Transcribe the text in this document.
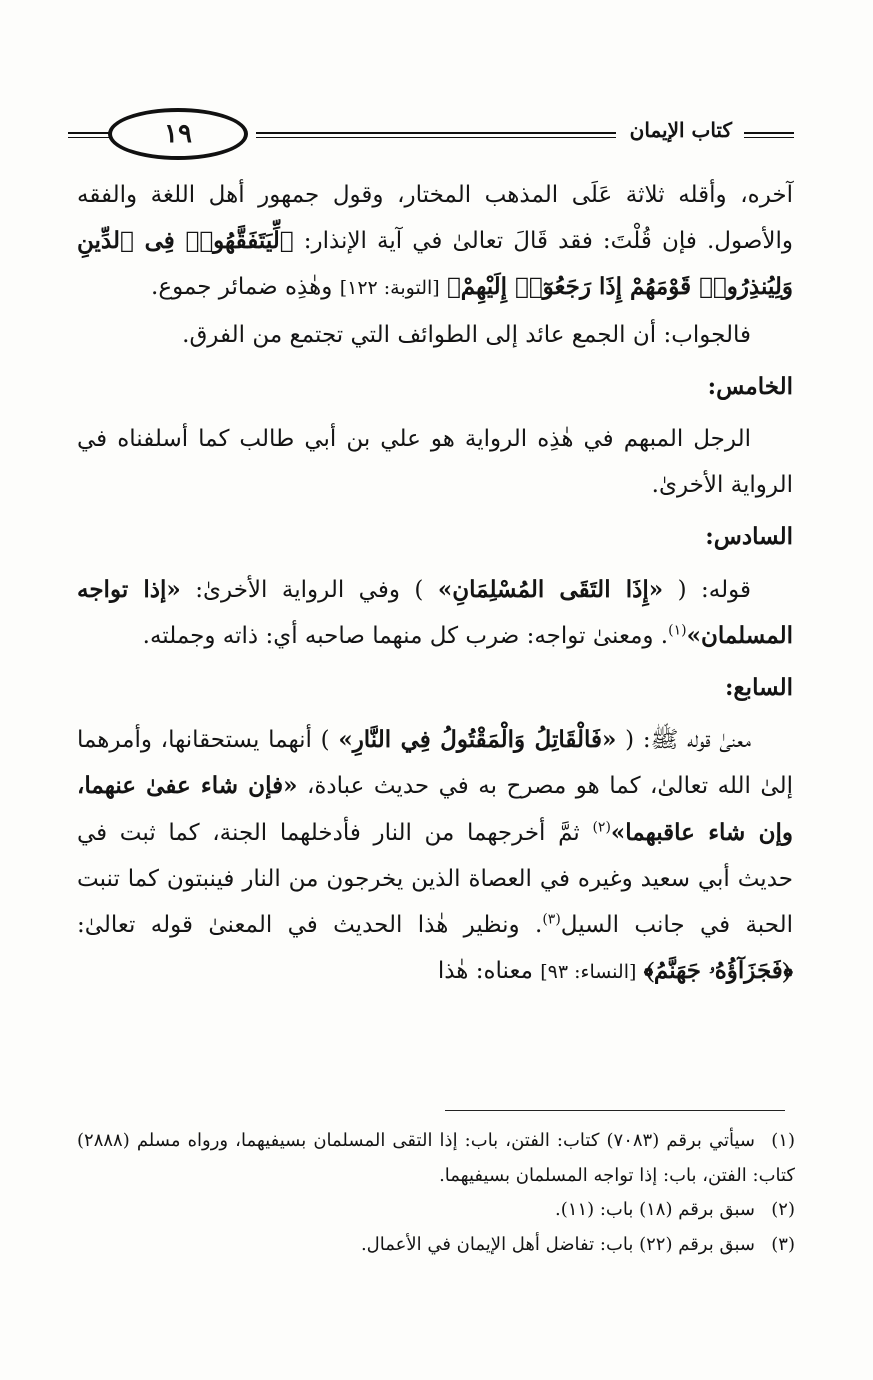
١٩	كتاب الإيمان

آخره، وأقله ثلاثة عَلَى المذهب المختار، وقول جمهور أهل اللغة والفقه والأصول. فإن قُلْتَ: فقد قَالَ تعالىٰ في آية الإنذار: ﴿لِّيَتَفَقَّهُوا۟ فِى ٱلدِّينِ وَلِيُنذِرُوا۟ قَوْمَهُمْ إِذَا رَجَعُوٓا۟ إِلَيْهِمْ﴾ [التوبة: ١٢٢] وهٰذِه ضمائر جموع.

فالجواب: أن الجمع عائد إلى الطوائف التي تجتمع من الفرق.

الخامس:

الرجل المبهم في هٰذِه الرواية هو علي بن أبي طالب كما أسلفناه في الرواية الأخرىٰ.

السادس:

قوله: ( «إِذَا التَقَى المُسْلِمَانِ» ) وفي الرواية الأخرىٰ: «إذا تواجه المسلمان»$^{(١)}$. ومعنىٰ تواجه: ضرب كل منهما صاحبه أي: ذاته وجملته.

السابع:

معنىٰ قوله ﷺ: ( «فَالْقَاتِلُ وَالْمَقْتُولُ فِي النَّارِ» ) أنهما يستحقانها، وأمرهما إلىٰ الله تعالىٰ، كما هو مصرح به في حديث عبادة، «فإن شاء عفىٰ عنهما، وإن شاء عاقبهما»$^{(٢)}$ ثمَّ أخرجهما من النار فأدخلهما الجنة، كما ثبت في حديث أبي سعيد وغيره في العصاة الذين يخرجون من النار فينبتون كما تنبت الحبة في جانب السيل$^{(٣)}$. ونظير هٰذا الحديث في المعنىٰ قوله تعالىٰ: ﴿فَجَزَآؤُهُۥ جَهَنَّمُ﴾ [النساء: ٩٣] معناه: هٰذا

(١)سيأتي برقم (٧٠٨٣) كتاب: الفتن، باب: إذا التقى المسلمان بسيفيهما، ورواه مسلم (٢٨٨٨) كتاب: الفتن، باب: إذا تواجه المسلمان بسيفيهما.

(٢)سبق برقم (١٨) باب: (١١).

(٣)سبق برقم (٢٢) باب: تفاضل أهل الإيمان في الأعمال.
